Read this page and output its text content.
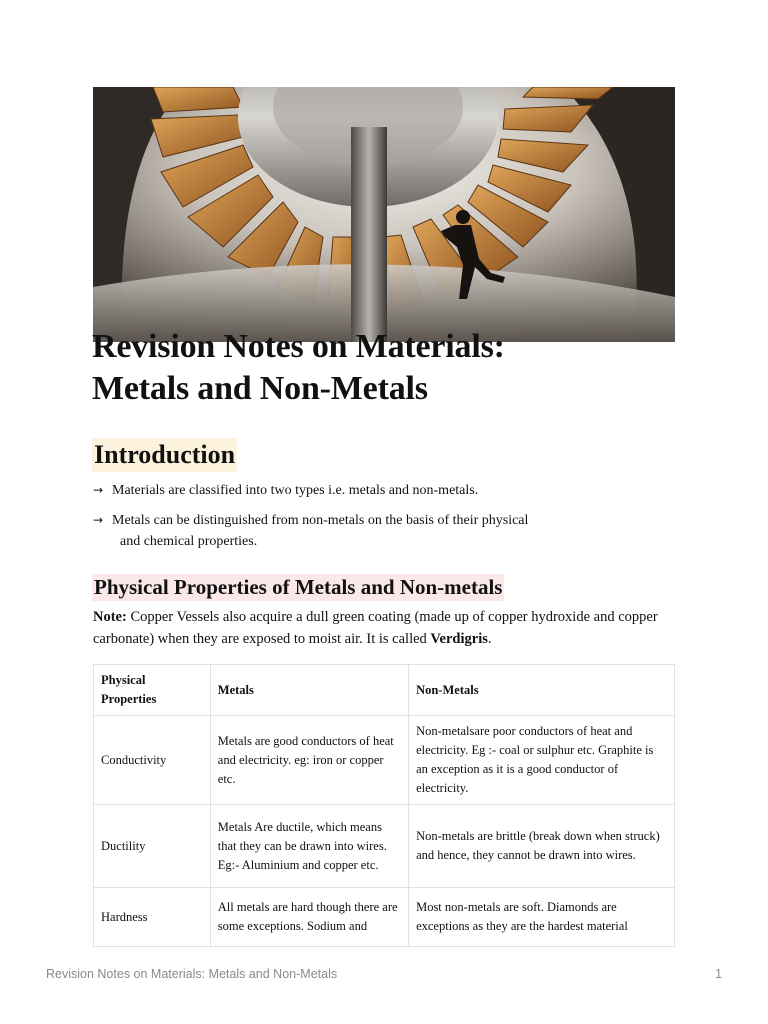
Revision Notes on Materials:
Metals and Non-Metals
Introduction
→ Materials are classified into two types i.e. metals and non-metals.
→ Metals can be distinguished from non-metals on the basis of their physical
and chemical properties.
Physical Properties of Metals and Non-metals

Note: Copper Vessels also acquire a dull green coating (made up of copper hydroxide and copper carbonate) when they are exposed to moist air. It is called Verdigris.

Physical Properties	Metals	Non-Metals
Conductivity	Metals are good conductors of heat and electricity. eg: iron or copper etc.	Non-metalsare poor conductors of heat and electricity. Eg :- coal or sulphur etc. Graphite is an exception as it is a good conductor of electricity.
Ductility	Metals Are ductile, which means that they can be drawn into wires. Eg:- Aluminium and copper etc.	Non-metals are brittle (break down when struck) and hence, they cannot be drawn into wires.
Hardness	All metals are hard though there are some exceptions. Sodium and	Most non-metals are soft. Diamonds are exceptions as they are the hardest material
Revision Notes on Materials: Metals and Non-Metals	1
